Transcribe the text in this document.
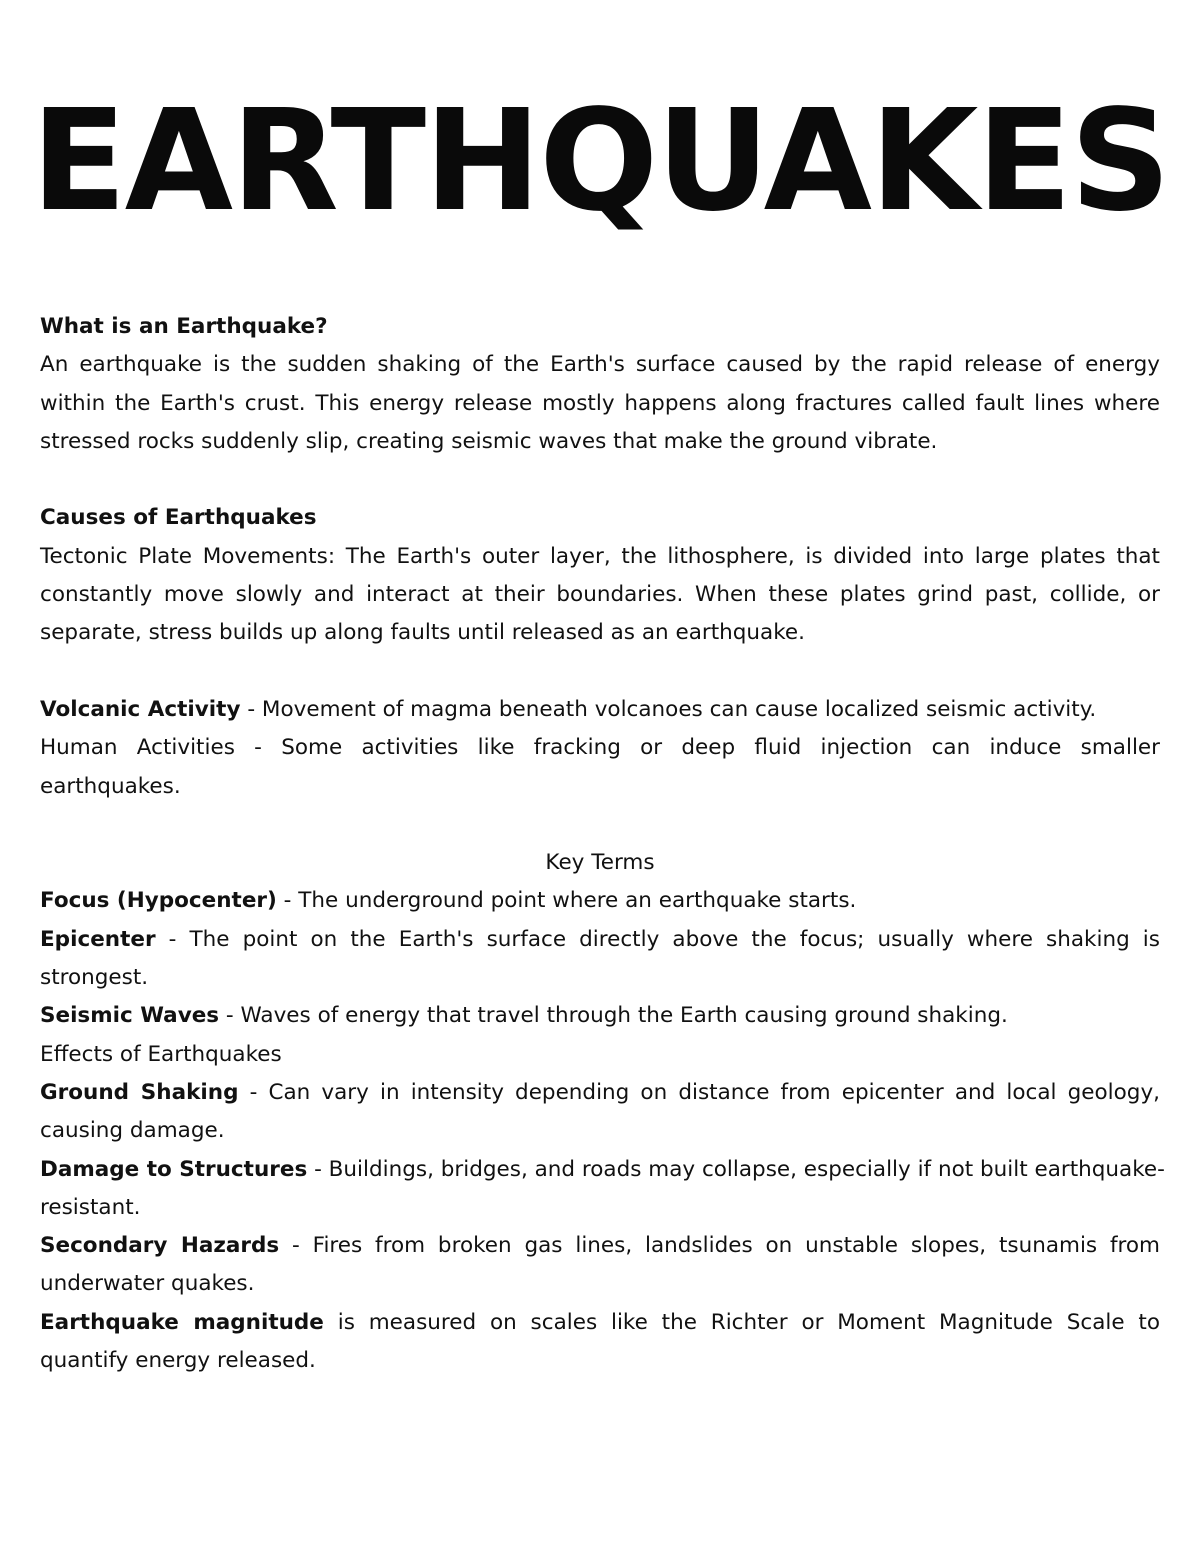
EARTHQUAKES
What is an Earthquake?
An earthquake is the sudden shaking of the Earth's surface caused by the rapid release of energy
within the Earth's crust. This energy release mostly happens along fractures called fault lines where
stressed rocks suddenly slip, creating seismic waves that make the ground vibrate.
Causes of Earthquakes
Tectonic Plate Movements: The Earth's outer layer, the lithosphere, is divided into large plates that
constantly move slowly and interact at their boundaries. When these plates grind past, collide, or
separate, stress builds up along faults until released as an earthquake.
Volcanic Activity - Movement of magma beneath volcanoes can cause localized seismic activity.
Human Activities - Some activities like fracking or deep fluid injection can induce smaller
earthquakes.
Key Terms
Focus (Hypocenter) - The underground point where an earthquake starts.
Epicenter - The point on the Earth's surface directly above the focus; usually where shaking is
strongest.
Seismic Waves - Waves of energy that travel through the Earth causing ground shaking.
Effects of Earthquakes
Ground Shaking - Can vary in intensity depending on distance from epicenter and local geology,
causing damage.
Damage to Structures - Buildings, bridges, and roads may collapse, especially if not built earthquake-
resistant.
Secondary Hazards - Fires from broken gas lines, landslides on unstable slopes, tsunamis from
underwater quakes.
Earthquake magnitude is measured on scales like the Richter or Moment Magnitude Scale to
quantify energy released.
